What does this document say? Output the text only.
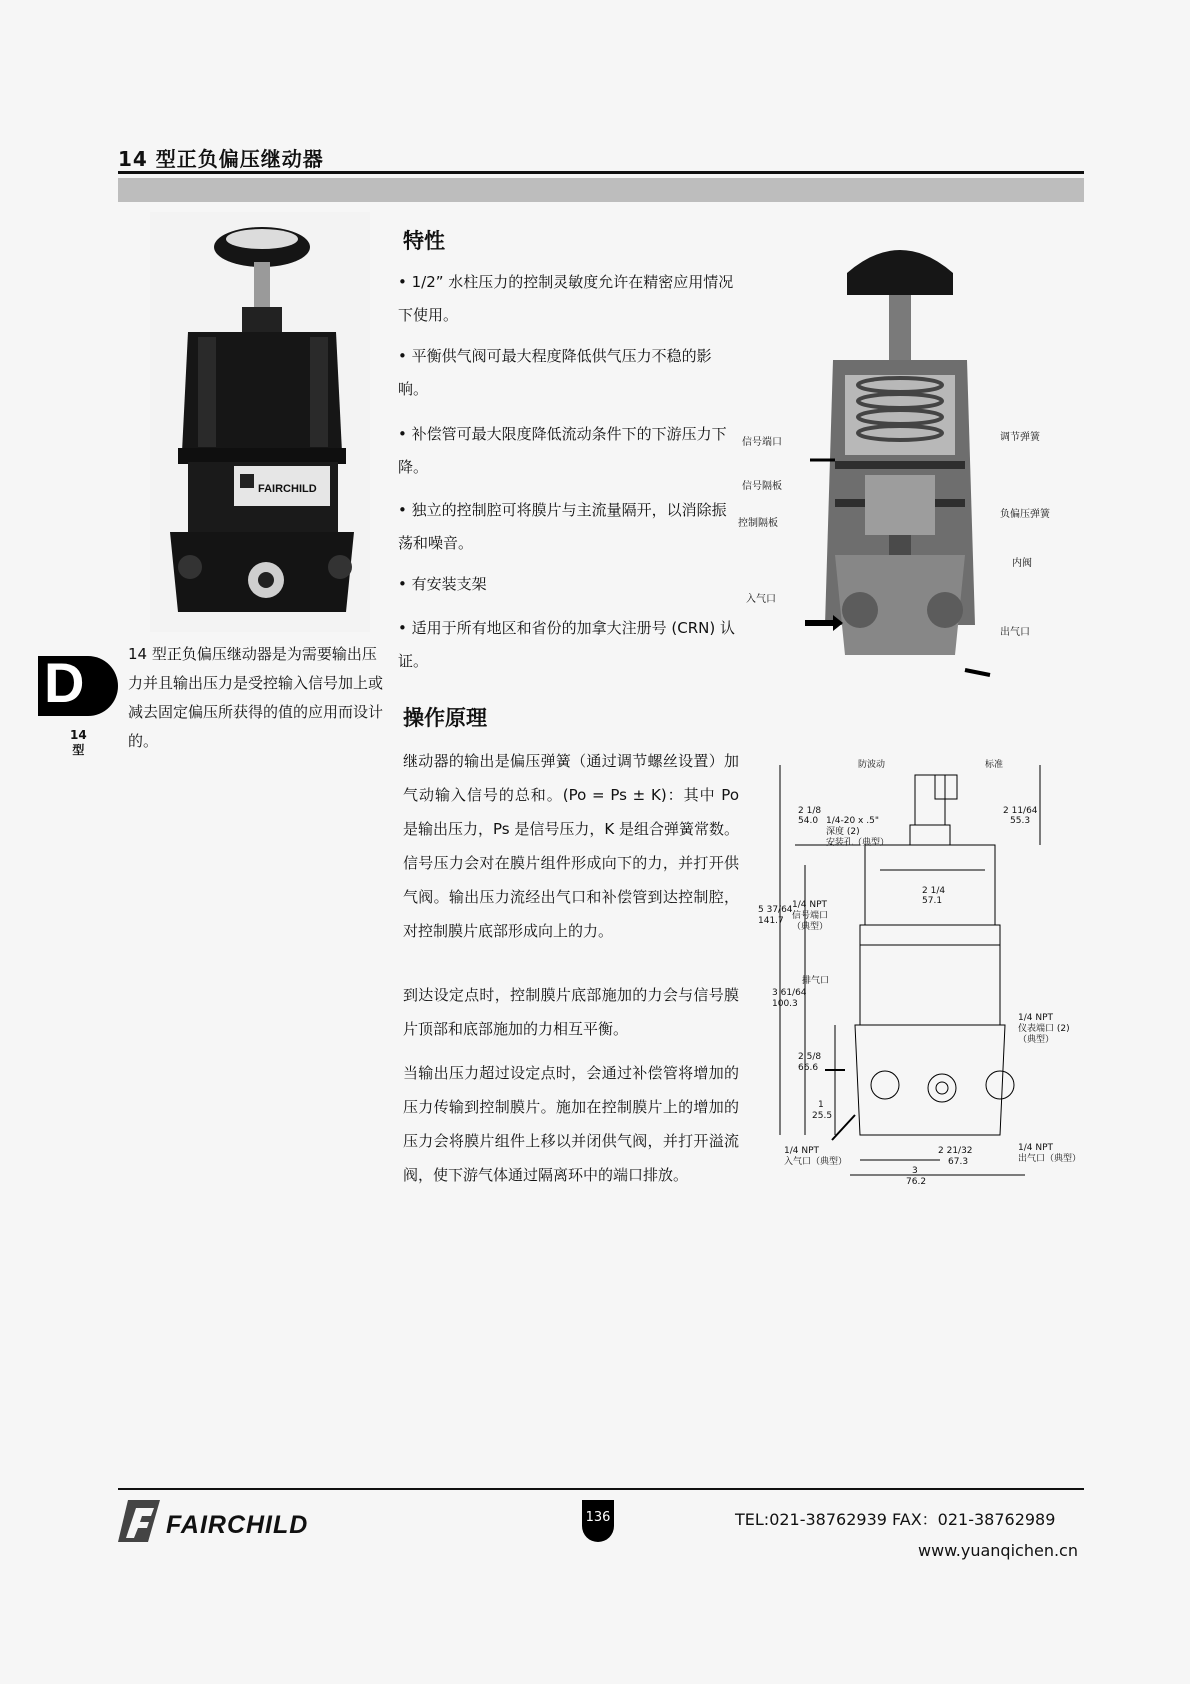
14 型正负偏压继动器
FAIRCHILD
D
14
型
14 型正负偏压继动器是为需要输出压力并且输出压力是受控输入信号加上或减去固定偏压所获得的值的应用而设计的。
特性
• 1/2” 水柱压力的控制灵敏度允许在精密应用情况下使用。
• 平衡供气阀可最大程度降低供气压力不稳的影响。
• 补偿管可最大限度降低流动条件下的下游压力下降。
• 独立的控制腔可将膜片与主流量隔开，以消除振荡和噪音。
• 有安装支架
• 适用于所有地区和省份的加拿大注册号 (CRN) 认证。
操作原理
继动器的输出是偏压弹簧（通过调节螺丝设置）加气动输入信号的总和。(Po = Ps ± K)：其中 Po 是输出压力，Ps 是信号压力，K 是组合弹簧常数。信号压力会对在膜片组件形成向下的力，并打开供气阀。输出压力流经出气口和补偿管到达控制腔，对控制膜片底部形成向上的力。
到达设定点时，控制膜片底部施加的力会与信号膜片顶部和底部施加的力相互平衡。
当输出压力超过设定点时，会通过补偿管将增加的压力传输到控制膜片。施加在控制膜片上的增加的压力会将膜片组件上移以并闭供气阀，并打开溢流阀，使下游气体通过隔离环中的端口排放。
信号端口
信号隔板
控制隔板
入气口
调节弹簧
负偏压弹簧
内阀
出气口
防波动	标准
2 1/8
54.0 1/4-20 x .5"
深度 (2)
安装孔（典型）
2 11/64
55.3
2 1/4
57.1
5 37/64
141.7
1/4 NPT
信号端口
（典型）
排气口
3 61/64
100.3
1/4 NPT
仪表端口 (2)
（典型）
2 5/8
66.6
1
25.5
1/4 NPT
入气口（典型）
2 21/32
67.3
3
76.2
1/4 NPT
出气口（典型）
FAIRCHILD	136	TEL:021-38762939 FAX：021-38762989
www.yuanqichen.cn
